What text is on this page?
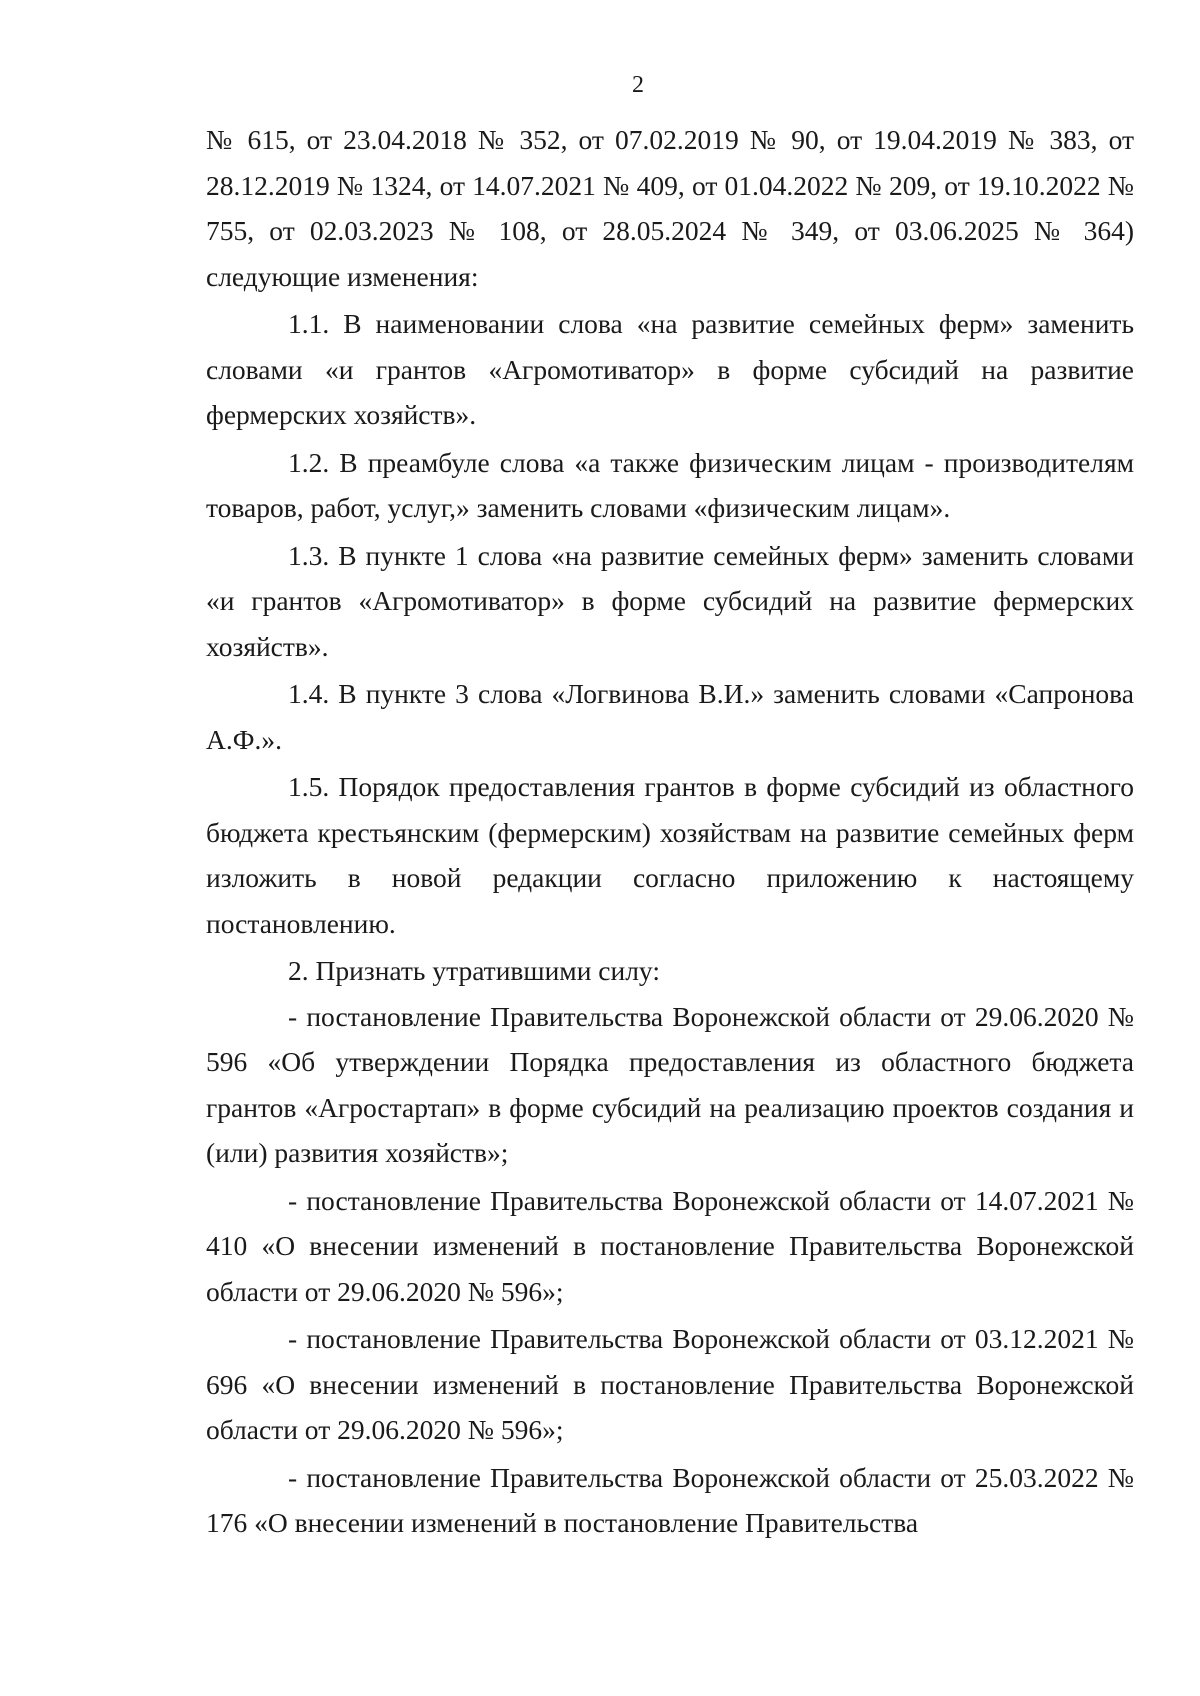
2

№ 615, от 23.04.2018 № 352, от 07.02.2019 № 90, от 19.04.2019 № 383, от 28.12.2019 № 1324, от 14.07.2021 № 409, от 01.04.2022 № 209, от 19.10.2022 № 755, от 02.03.2023 № 108, от 28.05.2024 № 349, от 03.06.2025 № 364) следующие изменения:

1.1. В наименовании слова «на развитие семейных ферм» заменить словами «и грантов «Агромотиватор» в форме субсидий на развитие фермерских хозяйств».

1.2. В преамбуле слова «а также физическим лицам - производителям товаров, работ, услуг,» заменить словами «физическим лицам».

1.3. В пункте 1 слова «на развитие семейных ферм» заменить словами «и грантов «Агромотиватор» в форме субсидий на развитие фермерских хозяйств».

1.4. В пункте 3 слова «Логвинова В.И.» заменить словами «Сапронова А.Ф.».

1.5. Порядок предоставления грантов в форме субсидий из областного бюджета крестьянским (фермерским) хозяйствам на развитие семейных ферм изложить в новой редакции согласно приложению к настоящему постановлению.

2. Признать утратившими силу:

- постановление Правительства Воронежской области от 29.06.2020 № 596 «Об утверждении Порядка предоставления из областного бюджета грантов «Агростартап» в форме субсидий на реализацию проектов создания и (или) развития хозяйств»;

- постановление Правительства Воронежской области от 14.07.2021 № 410 «О внесении изменений в постановление Правительства Воронежской области от 29.06.2020 № 596»;

- постановление Правительства Воронежской области от 03.12.2021 № 696 «О внесении изменений в постановление Правительства Воронежской области от 29.06.2020 № 596»;

- постановление Правительства Воронежской области от 25.03.2022 № 176 «О внесении изменений в постановление Правительства
